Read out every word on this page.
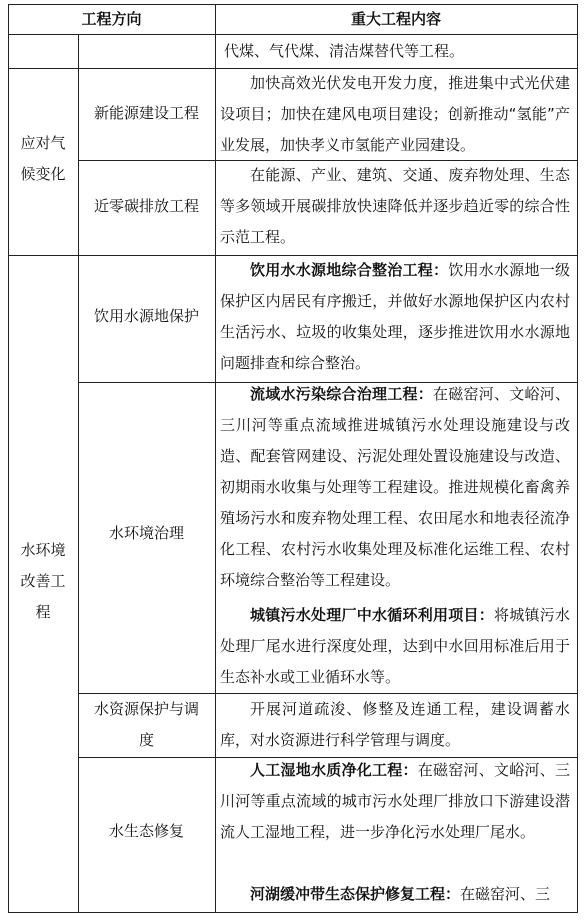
工程方向	重大工程内容
代煤、气代煤、清洁煤替代等工程。
应对气
候变化
新能源建设工程
加快高效光伏发电开发力度，推进集中式光伏建设项目；加快在建风电项目建设；创新推动“氢能”产业发展，加快孝义市氢能产业园建设。
近零碳排放工程
在能源、产业、建筑、交通、废弃物处理、生态等多领域开展碳排放快速降低并逐步趋近零的综合性示范工程。
水环境
改善工
程
饮用水源地保护
饮用水水源地综合整治工程：饮用水水源地一级保护区内居民有序搬迁，并做好水源地保护区内农村生活污水、垃圾的收集处理，逐步推进饮用水水源地问题排查和综合整治。
水环境治理
流域水污染综合治理工程：在磁窑河、文峪河、三川河等重点流域推进城镇污水处理设施建设与改造、配套管网建设、污泥处理处置设施建设与改造、初期雨水收集与处理等工程建设。推进规模化畜禽养殖场污水和废弃物处理工程、农田尾水和地表径流净化工程、农村污水收集处理及标准化运维工程、农村环境综合整治等工程建设。
城镇污水处理厂中水循环利用项目：将城镇污水处理厂尾水进行深度处理，达到中水回用标准后用于生态补水或工业循环水等。
水资源保护与调
度
开展河道疏浚、修整及连通工程，建设调蓄水库，对水资源进行科学管理与调度。
水生态修复
人工湿地水质净化工程：在磁窑河、文峪河、三川河等重点流域的城市污水处理厂排放口下游建设潜流人工湿地工程，进一步净化污水处理厂尾水。
河湖缓冲带生态保护修复工程：在磁窑河、三
